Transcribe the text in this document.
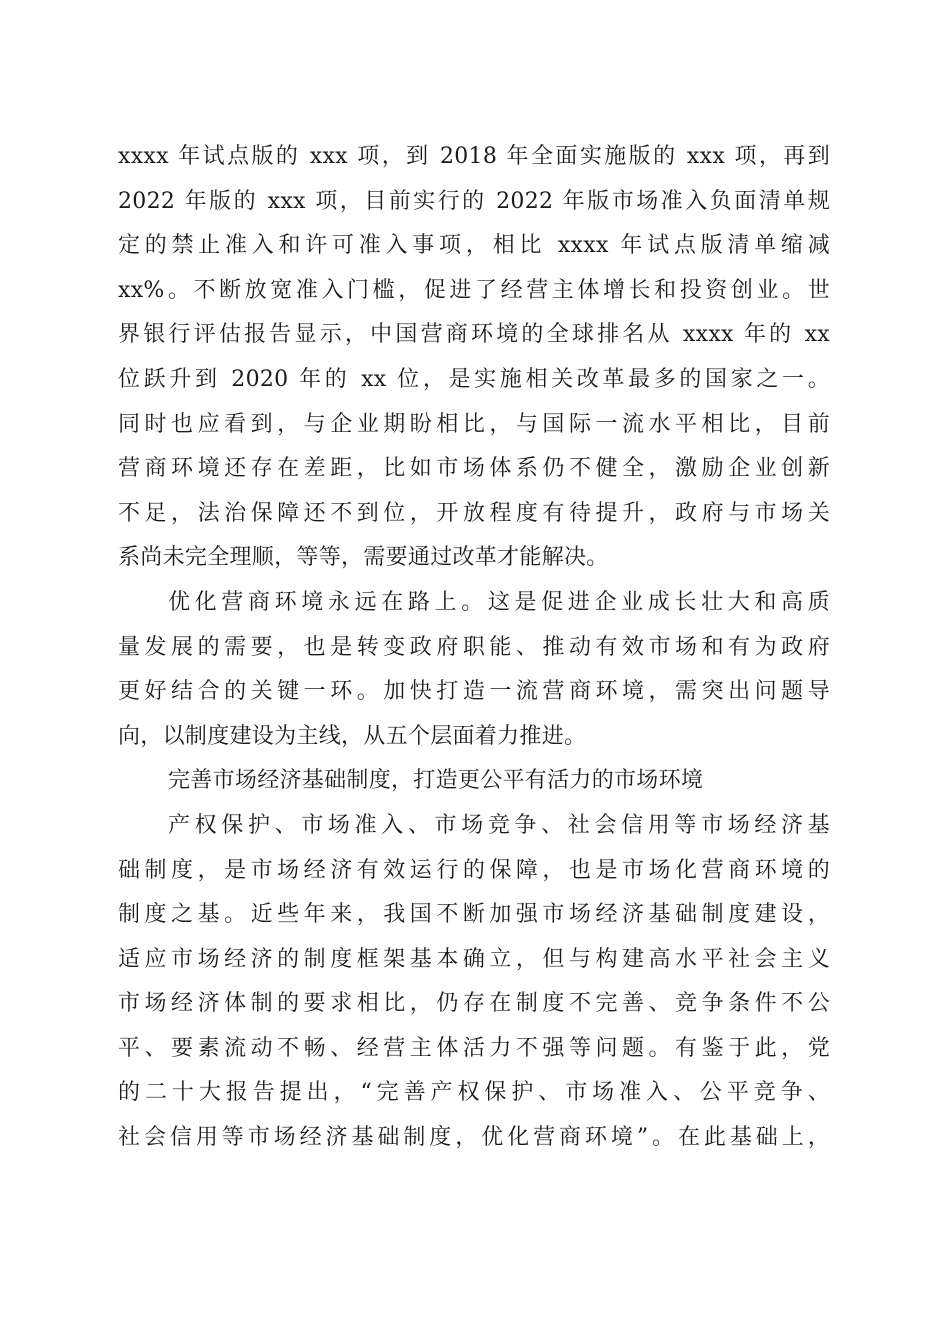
xxxx 年试点版的 xxx 项，到 2018 年全面实施版的 xxx 项，再到
2022 年版的 xxx 项，目前实行的 2022 年版市场准入负面清单规
定的禁止准入和许可准入事项，相比 xxxx 年试点版清单缩减
xx%。不断放宽准入门槛，促进了经营主体增长和投资创业。世
界银行评估报告显示，中国营商环境的全球排名从 xxxx 年的 xx
位跃升到 2020 年的 xx 位，是实施相关改革最多的国家之一。
同时也应看到，与企业期盼相比，与国际一流水平相比，目前
营商环境还存在差距，比如市场体系仍不健全，激励企业创新
不足，法治保障还不到位，开放程度有待提升，政府与市场关
系尚未完全理顺，等等，需要通过改革才能解决。
优化营商环境永远在路上。这是促进企业成长壮大和高质
量发展的需要，也是转变政府职能、推动有效市场和有为政府
更好结合的关键一环。加快打造一流营商环境，需突出问题导
向，以制度建设为主线，从五个层面着力推进。
完善市场经济基础制度，打造更公平有活力的市场环境
产权保护、市场准入、市场竞争、社会信用等市场经济基
础制度，是市场经济有效运行的保障，也是市场化营商环境的
制度之基。近些年来，我国不断加强市场经济基础制度建设，
适应市场经济的制度框架基本确立，但与构建高水平社会主义
市场经济体制的要求相比，仍存在制度不完善、竞争条件不公
平、要素流动不畅、经营主体活力不强等问题。有鉴于此，党
的二十大报告提出，“完善产权保护、市场准入、公平竞争、
社会信用等市场经济基础制度，优化营商环境”。在此基础上，
